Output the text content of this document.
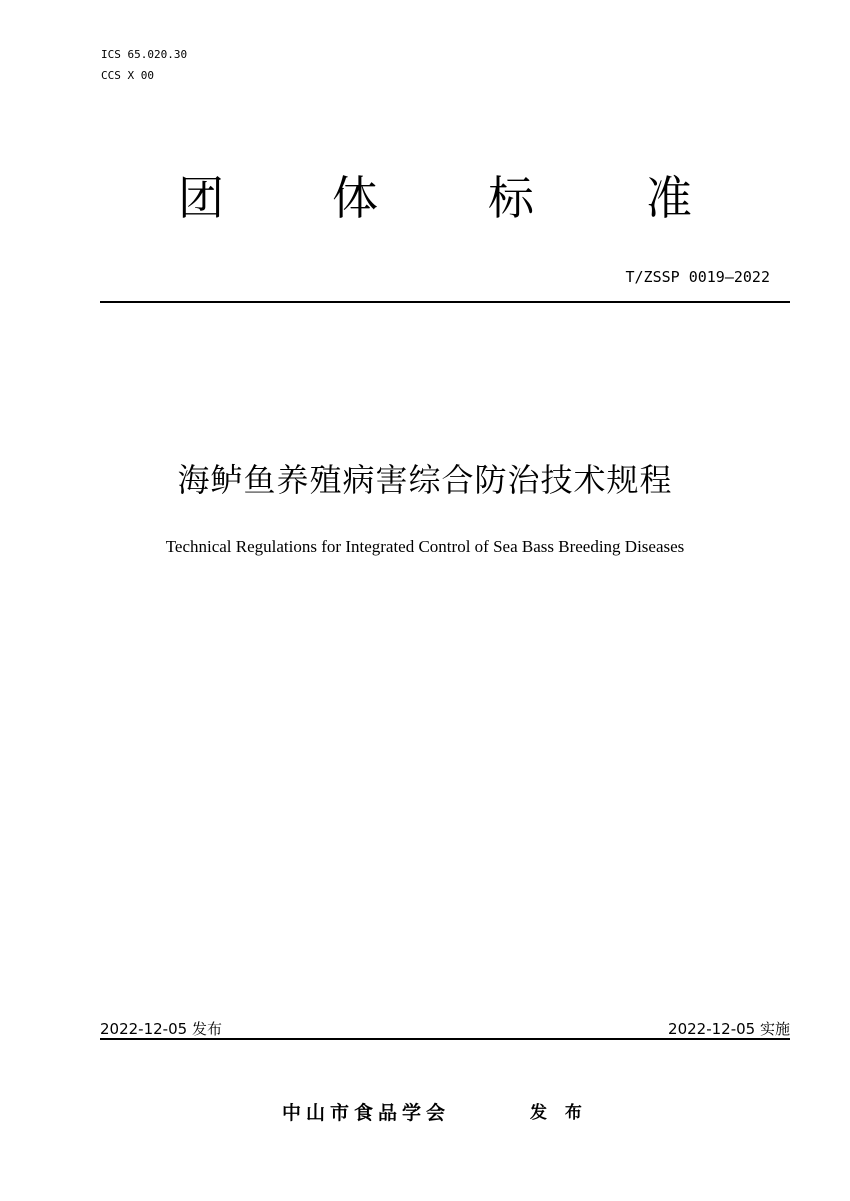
ICS 65.020.30
CCS X 00
团 体 标 准
T/ZSSP 0019—2022
海鲈鱼养殖病害综合防治技术规程
Technical Regulations for Integrated Control of Sea Bass Breeding Diseases
2022-12-05 发布	2022-12-05 实施
中山市食品学会	发 布
